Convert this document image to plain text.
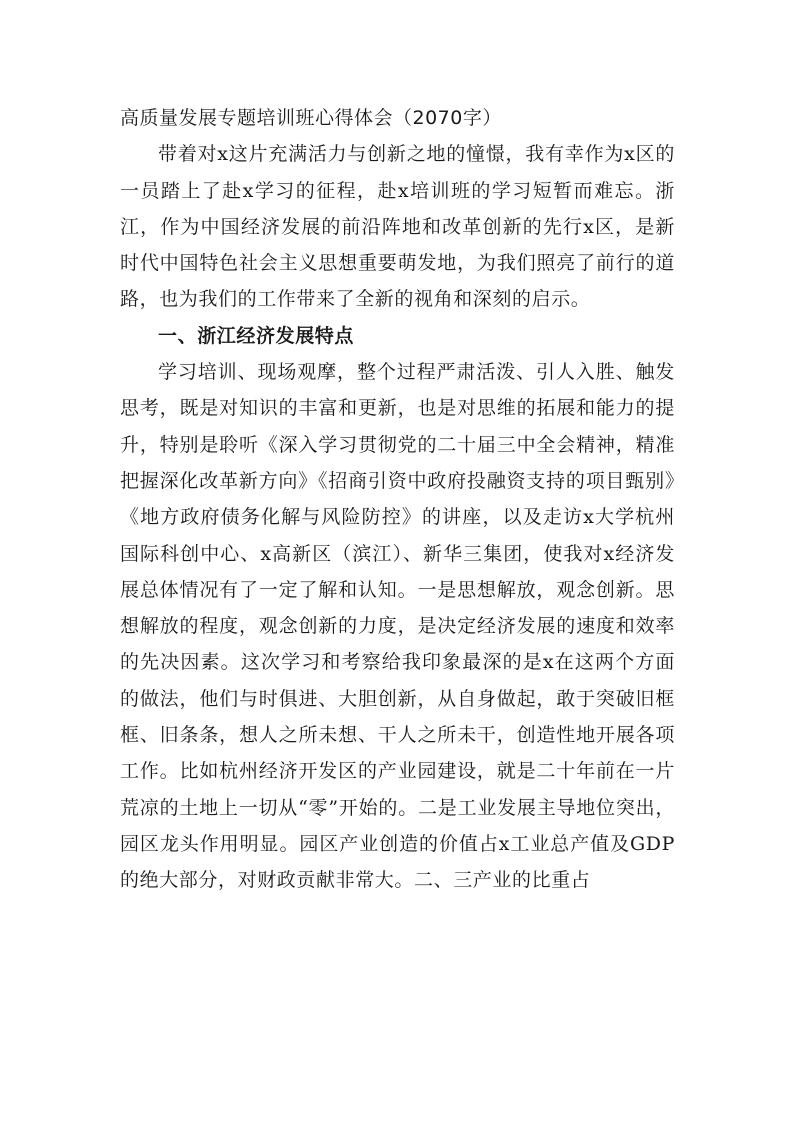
高质量发展专题培训班心得体会（2070字）

带着对x这片充满活力与创新之地的憧憬，我有幸作为x区的一员踏上了赴x学习的征程，赴x培训班的学习短暂而难忘。浙江，作为中国经济发展的前沿阵地和改革创新的先行x区，是新时代中国特色社会主义思想重要萌发地，为我们照亮了前行的道路，也为我们的工作带来了全新的视角和深刻的启示。

一、浙江经济发展特点

学习培训、现场观摩，整个过程严肃活泼、引人入胜、触发思考，既是对知识的丰富和更新，也是对思维的拓展和能力的提升，特别是聆听《深入学习贯彻党的二十届三中全会精神，精准把握深化改革新方向》《招商引资中政府投融资支持的项目甄别》《地方政府债务化解与风险防控》的讲座，以及走访x大学杭州国际科创中心、x高新区（滨江）、新华三集团，使我对x经济发展总体情况有了一定了解和认知。一是思想解放，观念创新。思想解放的程度，观念创新的力度，是决定经济发展的速度和效率的先决因素。这次学习和考察给我印象最深的是x在这两个方面的做法，他们与时俱进、大胆创新，从自身做起，敢于突破旧框框、旧条条，想人之所未想、干人之所未干，创造性地开展各项工作。比如杭州经济开发区的产业园建设，就是二十年前在一片荒凉的土地上一切从“零”开始的。二是工业发展主导地位突出，园区龙头作用明显。园区产业创造的价值占x工业总产值及GDP的绝大部分，对财政贡献非常大。二、三产业的比重占
